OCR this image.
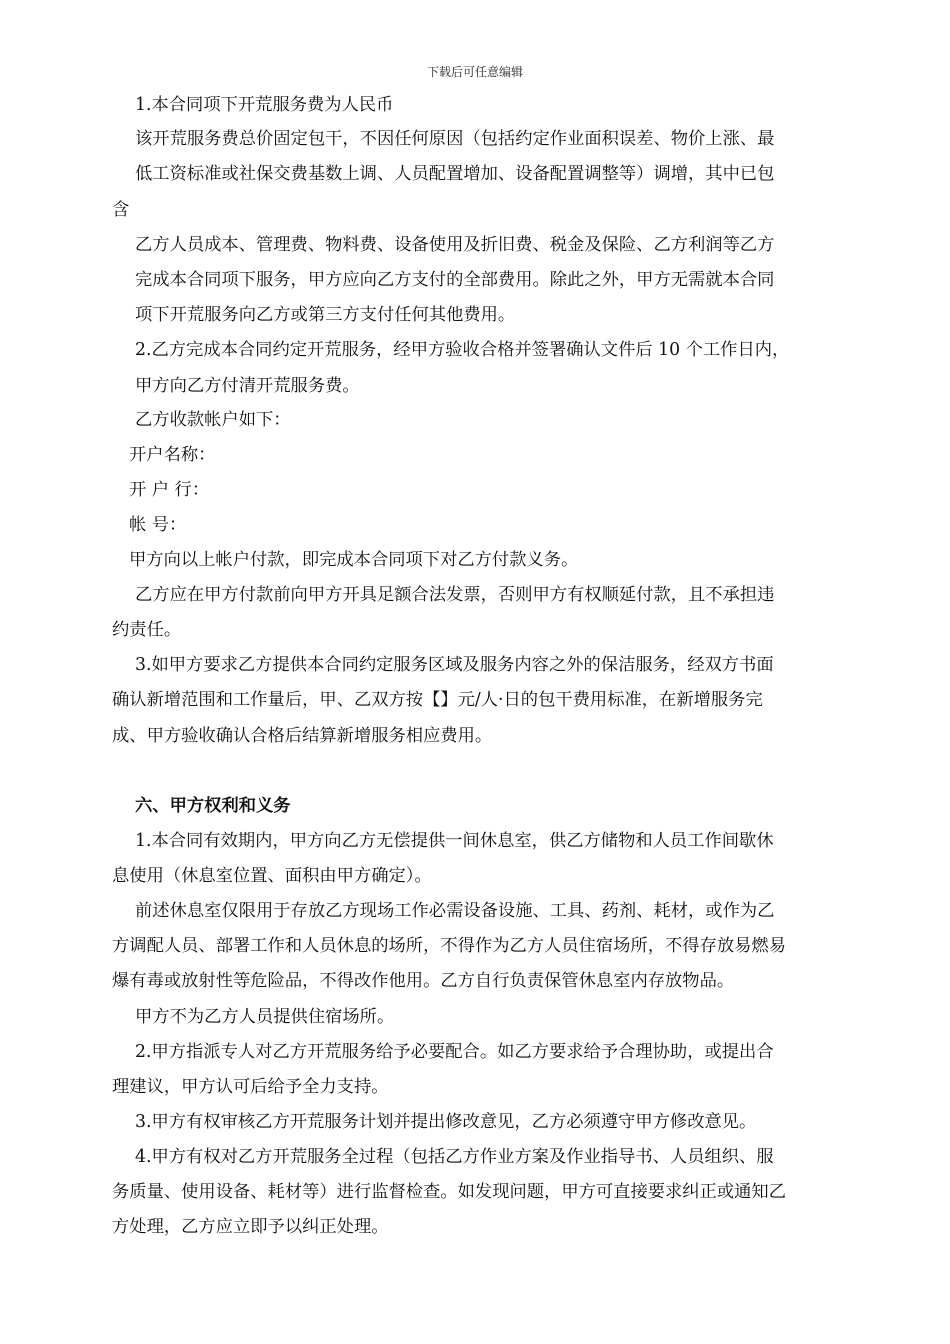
下载后可任意编辑
1.本合同项下开荒服务费为人民币
该开荒服务费总价固定包干，不因任何原因（包括约定作业面积误差、物价上涨、最
低工资标准或社保交费基数上调、人员配置增加、设备配置调整等）调增，其中已包
含
乙方人员成本、管理费、物料费、设备使用及折旧费、税金及保险、乙方利润等乙方
完成本合同项下服务，甲方应向乙方支付的全部费用。除此之外，甲方无需就本合同
项下开荒服务向乙方或第三方支付任何其他费用。
2.乙方完成本合同约定开荒服务，经甲方验收合格并签署确认文件后 10 个工作日内，
甲方向乙方付清开荒服务费。
乙方收款帐户如下：
开户名称：
开 户 行：
帐 号：
甲方向以上帐户付款，即完成本合同项下对乙方付款义务。
乙方应在甲方付款前向甲方开具足额合法发票，否则甲方有权顺延付款，且不承担违
约责任。
3.如甲方要求乙方提供本合同约定服务区域及服务内容之外的保洁服务，经双方书面
确认新增范围和工作量后，甲、乙双方按【】元/人·日的包干费用标准，在新增服务完
成、甲方验收确认合格后结算新增服务相应费用。
六、甲方权利和义务
1.本合同有效期内，甲方向乙方无偿提供一间休息室，供乙方储物和人员工作间歇休
息使用（休息室位置、面积由甲方确定）。
前述休息室仅限用于存放乙方现场工作必需设备设施、工具、药剂、耗材，或作为乙
方调配人员、部署工作和人员休息的场所，不得作为乙方人员住宿场所，不得存放易燃易
爆有毒或放射性等危险品，不得改作他用。乙方自行负责保管休息室内存放物品。
甲方不为乙方人员提供住宿场所。
2.甲方指派专人对乙方开荒服务给予必要配合。如乙方要求给予合理协助，或提出合
理建议，甲方认可后给予全力支持。
3.甲方有权审核乙方开荒服务计划并提出修改意见，乙方必须遵守甲方修改意见。
4.甲方有权对乙方开荒服务全过程（包括乙方作业方案及作业指导书、人员组织、服
务质量、使用设备、耗材等）进行监督检查。如发现问题，甲方可直接要求纠正或通知乙
方处理，乙方应立即予以纠正处理。
